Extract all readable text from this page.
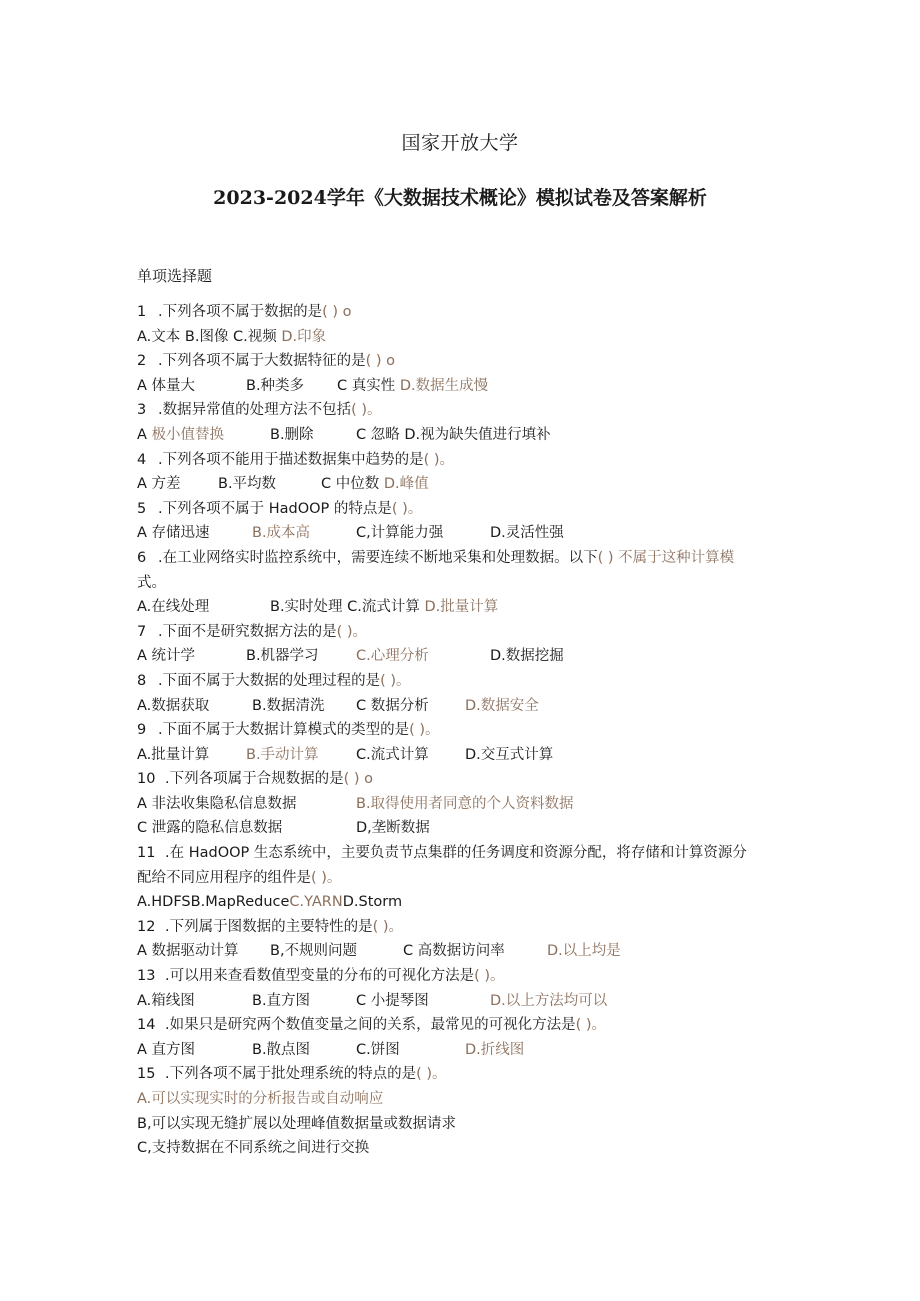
国家开放大学
2023-2024学年《大数据技术概论》模拟试卷及答案解析
单项选择题
1 .下列各项不属于数据的是( ) o
A.文本 B.图像 C.视频 D.印象
2 .下列各项不属于大数据特征的是( ) o
A 体量大	B.种类多 C 真实性 D.数据生成慢
3 .数据异常值的处理方法不包括( )。
A 极小值替换	B.删除	C 忽略 D.视为缺失值进行填补
4 .下列各项不能用于描述数据集中趋势的是( )。
A 方差	B.平均数	C 中位数 D.峰值
5 .下列各项不属于 HadOOP 的特点是( )。
A 存储迅速	B.成本高	C,计算能力强	D.灵活性强
6 .在工业网络实时监控系统中，需要连续不断地采集和处理数据。以下( ) 不属于这种计算模
式。
A.在线处理	B.实时处理 C.流式计算 D.批量计算
7 .下面不是研究数据方法的是( )。
A 统计学	B.机器学习	C.心理分析	D.数据挖掘
8 .下面不属于大数据的处理过程的是( )。
A.数据获取	B.数据清洗 C 数据分析	D.数据安全
9 .下面不属于大数据计算模式的类型的是( )。
A.批量计算	B.手动计算	C.流式计算	D.交互式计算
10 .下列各项属于合规数据的是( ) o
A 非法收集隐私信息数据	B.取得使用者同意的个人资料数据
C 泄露的隐私信息数据	D,垄断数据
11 .在 HadOOP 生态系统中，主要负责节点集群的任务调度和资源分配，将存储和计算资源分
配给不同应用程序的组件是( )。
A.HDFSB.MapReduceC.YARND.Storm
12 .下列属于图数据的主要特性的是( )。
A 数据驱动计算 B,不规则问题	C 高数据访问率	D.以上均是
13 .可以用来查看数值型变量的分布的可视化方法是( )。
A.箱线图	B.直方图	C 小提琴图	D.以上方法均可以
14 .如果只是研究两个数值变量之间的关系，最常见的可视化方法是( )。
A 直方图	B.散点图	C.饼图	D.折线图
15 .下列各项不属于批处理系统的特点的是( )。
A.可以实现实时的分析报告或自动响应
B,可以实现无缝扩展以处理峰值数据量或数据请求
C,支持数据在不同系统之间进行交换
